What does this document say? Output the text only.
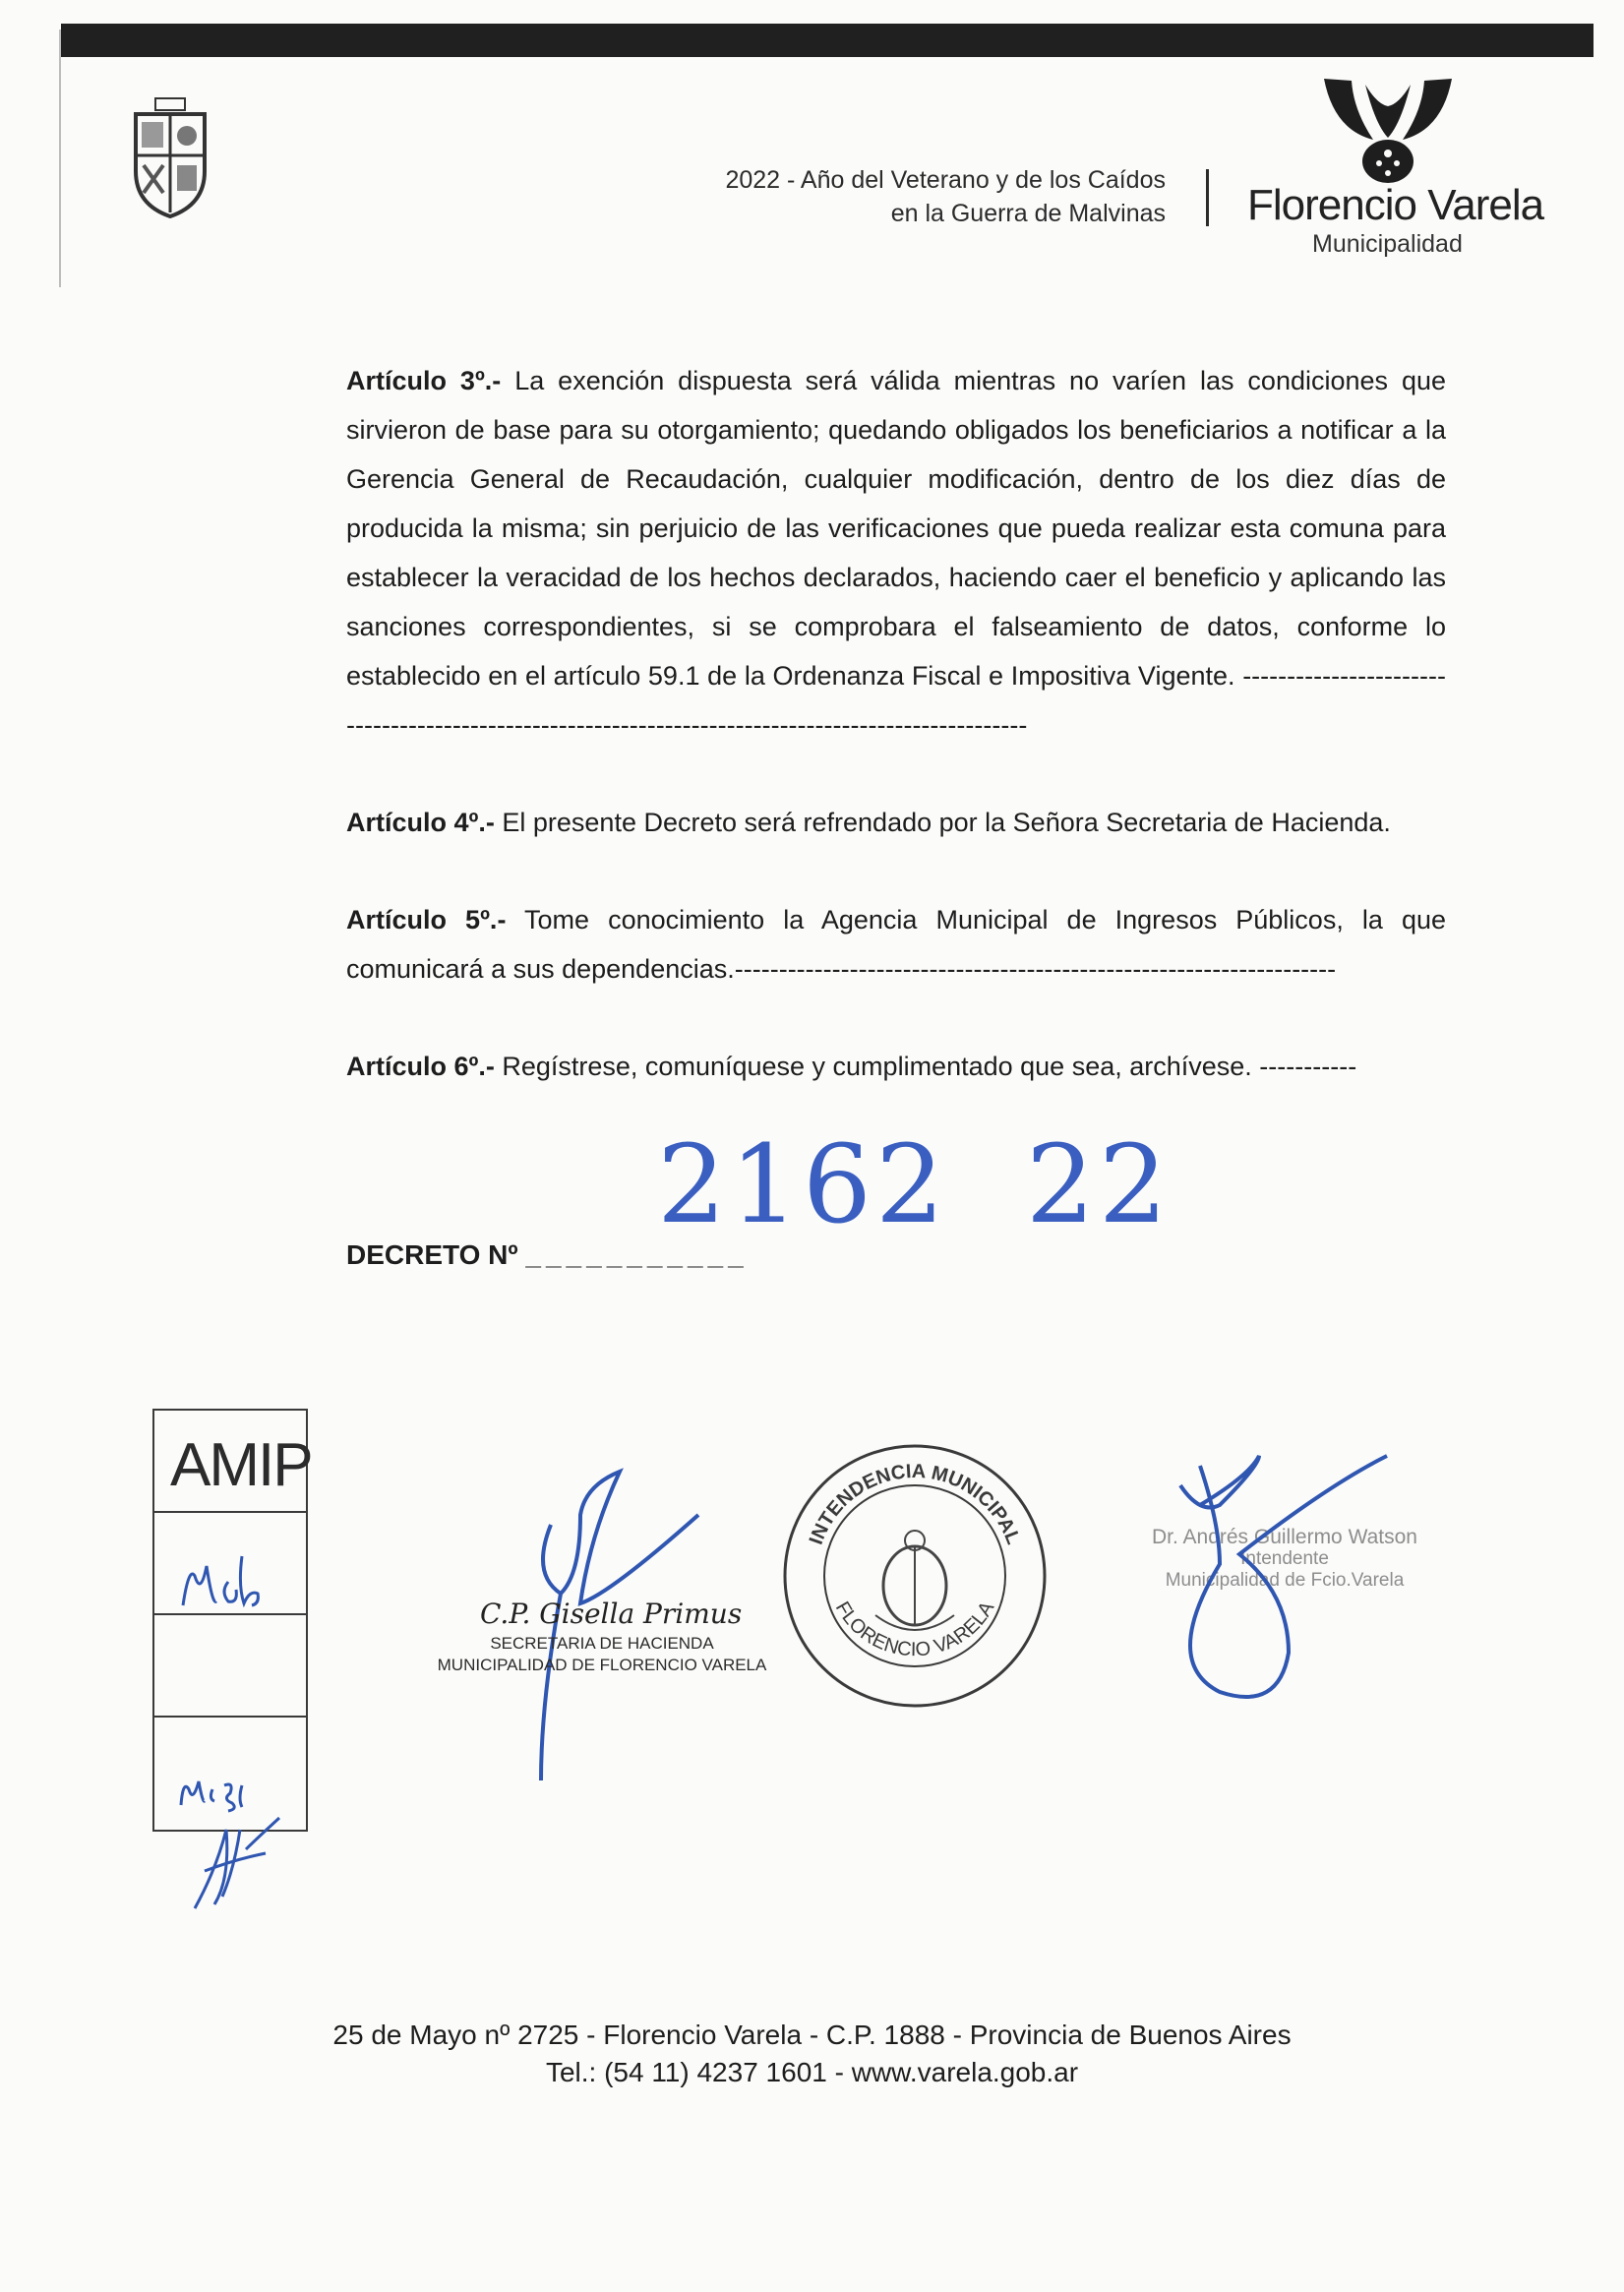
2022 - Año del Veterano y de los Caídos
en la Guerra de Malvinas Florencio Varela
Municipalidad
Artículo 3º.- La exención dispuesta será válida mientras no varíen las condiciones que sirvieron de base para su otorgamiento; quedando obligados los beneficiarios a notificar a la Gerencia General de Recaudación, cualquier modificación, dentro de los diez días de producida la misma; sin perjuicio de las verificaciones que pueda realizar esta comuna para establecer la veracidad de los hechos declarados, haciendo caer el beneficio y aplicando las sanciones correspondientes, si se comprobara el falseamiento de datos, conforme lo establecido en el artículo 59.1 de la Ordenanza Fiscal e Impositiva Vigente. ----------------------------------------------------------------------------------------------------
Artículo 4º.- El presente Decreto será refrendado por la Señora Secretaria de Hacienda.
Artículo 5º.- Tome conocimiento la Agencia Municipal de Ingresos Públicos, la que comunicará a sus dependencias.--------------------------------------------------------------------
Artículo 6º.- Regístrese, comuníquese y cumplimentado que sea, archívese. -----------
2162 22
DECRETO Nº ___________
AMIP
C.P. Gisella Primus
SECRETARIA DE HACIENDA
MUNICIPALIDAD DE FLORENCIO VARELA
INTENDENCIA MUNICIPAL
FLORENCIO VARELA
Dr. Andrés Guillermo Watson
Intendente
Municipalidad de Fcio.Varela
25 de Mayo nº 2725 - Florencio Varela - C.P. 1888 - Provincia de Buenos Aires
Tel.: (54 11) 4237 1601 - www.varela.gob.ar
